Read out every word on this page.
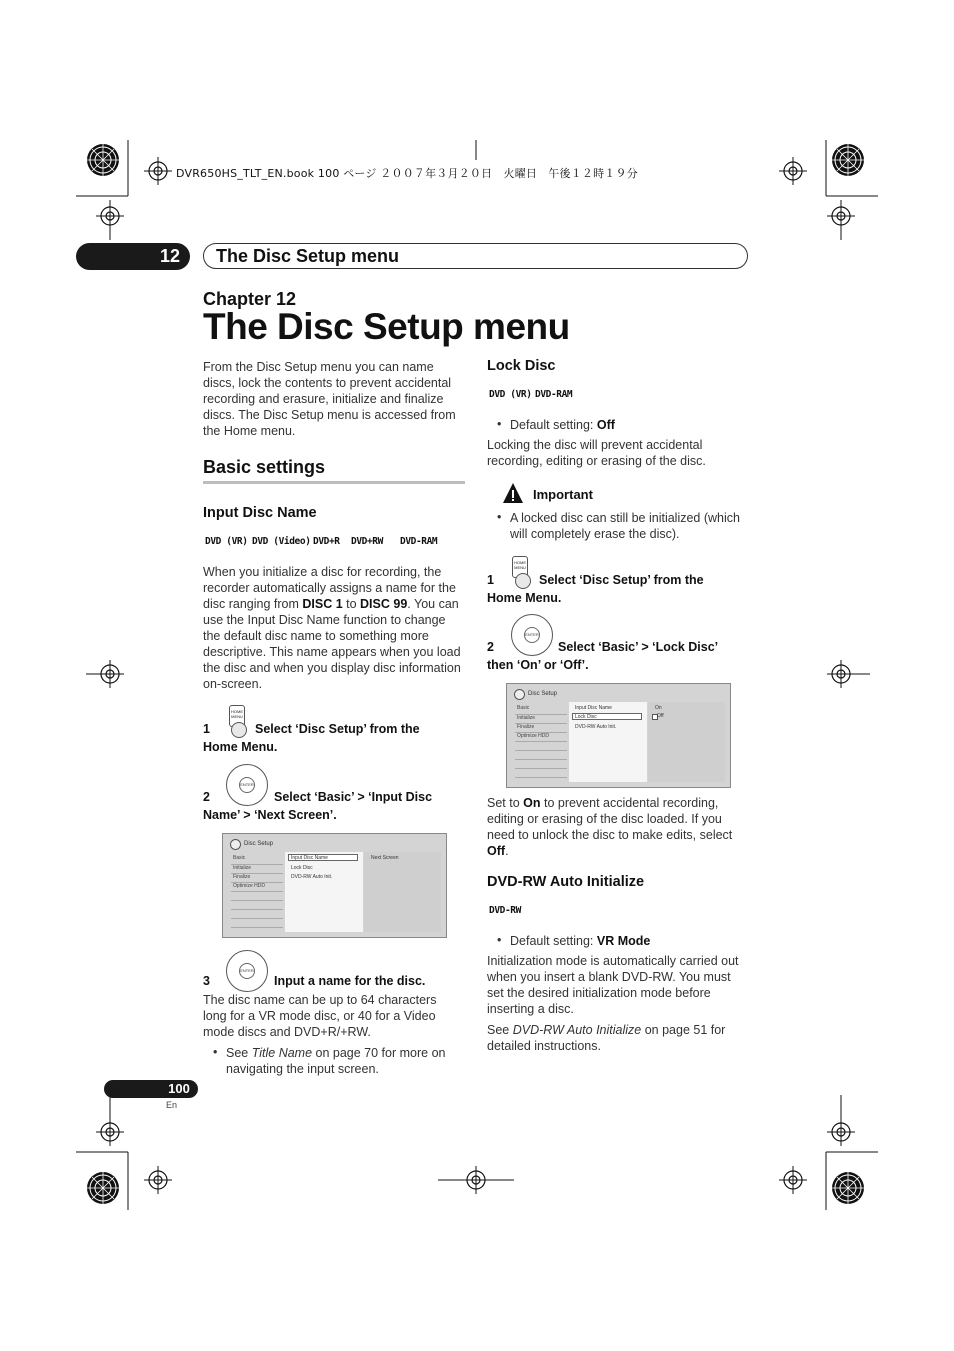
DVR650HS_TLT_EN.book 100 ページ ２００７年３月２０日　火曜日　午後１２時１９分
12	The Disc Setup menu
Chapter 12
The Disc Setup menu
From the Disc Setup menu you can name discs, lock the contents to prevent accidental recording and erasure, initialize and finalize discs. The Disc Setup menu is accessed from the Home menu.
Basic settings
Input Disc Name
DVD (VR) DVD (Video) DVD+R DVD+RW DVD-RAM
When you initialize a disc for recording, the recorder automatically assigns a name for the disc ranging from DISC 1 to DISC 99. You can use the Input Disc Name function to change the default disc name to something more descriptive. This name appears when you load the disc and when you display disc information on-screen.
HOME MENU
1	Select ‘Disc Setup’ from the Home Menu.
ENTER
2	Select ‘Basic’ > ‘Input Disc Name’ > ‘Next Screen’.
Disc Setup
Basic
Initialize
Finalize
Optimize HDD
Input Disc Name
Lock Disc
DVD-RW Auto Init.
Next Screen
ENTER
3	Input a name for the disc.
The disc name can be up to 64 characters long for a VR mode disc, or 40 for a Video mode discs and DVD+R/+RW.
• See Title Name on page 70 for more on navigating the input screen.
Lock Disc
DVD (VR) DVD-RAM
• Default setting: Off
Locking the disc will prevent accidental recording, editing or erasing of the disc.
Important
• A locked disc can still be initialized (which will completely erase the disc).
HOME MENU
1	Select ‘Disc Setup’ from the Home Menu.
ENTER
2	Select ‘Basic’ > ‘Lock Disc’ then ‘On’ or ‘Off’.
Disc Setup
Basic
Initialize
Finalize
Optimize HDD
Input Disc Name
Lock Disc
DVD-RW Auto Init.
On
Off
Set to On to prevent accidental recording, editing or erasing of the disc loaded. If you need to unlock the disc to make edits, select Off.
DVD-RW Auto Initialize
DVD-RW
• Default setting: VR Mode
Initialization mode is automatically carried out when you insert a blank DVD-RW. You must set the desired initialization mode before inserting a disc.
See DVD-RW Auto Initialize on page 51 for detailed instructions.
100
En
